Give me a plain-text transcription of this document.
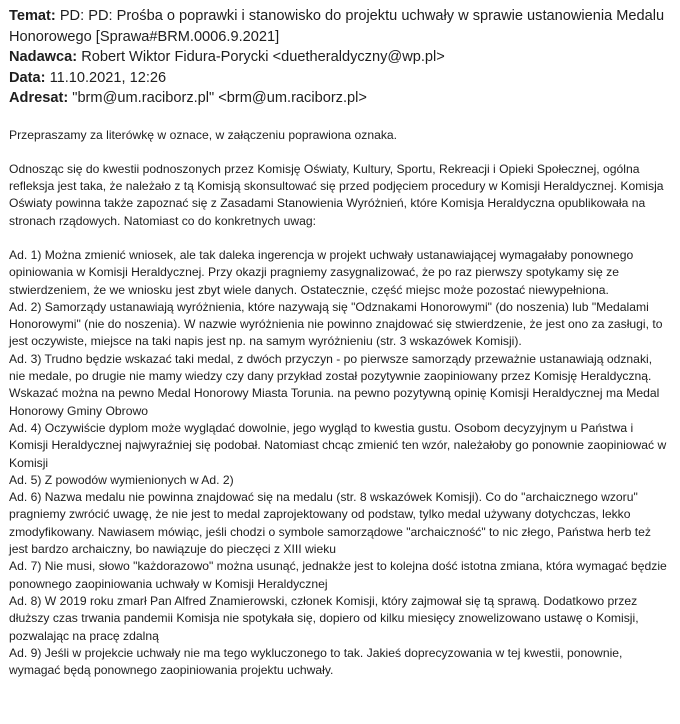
Temat: PD: PD: Prośba o poprawki i stanowisko do projektu uchwały w sprawie ustanowienia Medalu Honorowego [Sprawa#BRM.0006.9.2021]
Nadawca: Robert Wiktor Fidura-Porycki <duetheraldyczny@wp.pl>
Data: 11.10.2021, 12:26
Adresat: "brm@um.raciborz.pl" <brm@um.raciborz.pl>

Przepraszamy za literówkę w oznace, w załączeniu poprawiona oznaka.

Odnosząc się do kwestii podnoszonych przez Komisję Oświaty, Kultury, Sportu, Rekreacji i Opieki Społecznej, ogólna refleksja jest taka, że należało z tą Komisją skonsultować się przed podjęciem procedury w Komisji Heraldycznej. Komisja Oświaty powinna także zapoznać się z Zasadami Stanowienia Wyróżnień, które Komisja Heraldyczna opublikowała na stronach rządowych. Natomiast co do konkretnych uwag:

Ad. 1) Można zmienić wniosek, ale tak daleka ingerencja w projekt uchwały ustanawiającej wymagałaby ponownego opiniowania w Komisji Heraldycznej. Przy okazji pragniemy zasygnalizować, że po raz pierwszy spotykamy się ze stwierdzeniem, że we wniosku jest zbyt wiele danych. Ostatecznie, część miejsc może pozostać niewypełniona.

Ad. 2) Samorządy ustanawiają wyróżnienia, które nazywają się "Odznakami Honorowymi" (do noszenia) lub "Medalami Honorowymi" (nie do noszenia). W nazwie wyróżnienia nie powinno znajdować się stwierdzenie, że jest ono za zasługi, to jest oczywiste, miejsce na taki napis jest np. na samym wyróżnieniu (str. 3 wskazówek Komisji).

Ad. 3) Trudno będzie wskazać taki medal, z dwóch przyczyn - po pierwsze samorządy przeważnie ustanawiają odznaki, nie medale, po drugie nie mamy wiedzy czy dany przykład został pozytywnie zaopiniowany przez Komisję Heraldyczną. Wskazać można na pewno Medal Honorowy Miasta Torunia. na pewno pozytywną opinię Komisji Heraldycznej ma Medal Honorowy Gminy Obrowo

Ad. 4) Oczywiście dyplom może wyglądać dowolnie, jego wygląd to kwestia gustu. Osobom decyzyjnym u Państwa i Komisji Heraldycznej najwyraźniej się podobał. Natomiast chcąc zmienić ten wzór, należałoby go ponownie zaopiniować w Komisji

Ad. 5) Z powodów wymienionych w Ad. 2)

Ad. 6) Nazwa medalu nie powinna znajdować się na medalu (str. 8 wskazówek Komisji). Co do "archaicznego wzoru" pragniemy zwrócić uwagę, że nie jest to medal zaprojektowany od podstaw, tylko medal używany dotychczas, lekko zmodyfikowany. Nawiasem mówiąc, jeśli chodzi o symbole samorządowe "archaiczność" to nic złego, Państwa herb też jest bardzo archaiczny, bo nawiązuje do pieczęci z XIII wieku

Ad. 7) Nie musi, słowo "każdorazowo" można usunąć, jednakże jest to kolejna dość istotna zmiana, która wymagać będzie ponownego zaopiniowania uchwały w Komisji Heraldycznej

Ad. 8) W 2019 roku zmarł Pan Alfred Znamierowski, członek Komisji, który zajmował się tą sprawą. Dodatkowo przez dłuższy czas trwania pandemii Komisja nie spotykała się, dopiero od kilku miesięcy znowelizowano ustawę o Komisji, pozwalając na pracę zdalną

Ad. 9) Jeśli w projekcie uchwały nie ma tego wykluczonego to tak. Jakieś doprecyzowania w tej kwestii, ponownie, wymagać będą ponownego zaopiniowania projektu uchwały.
